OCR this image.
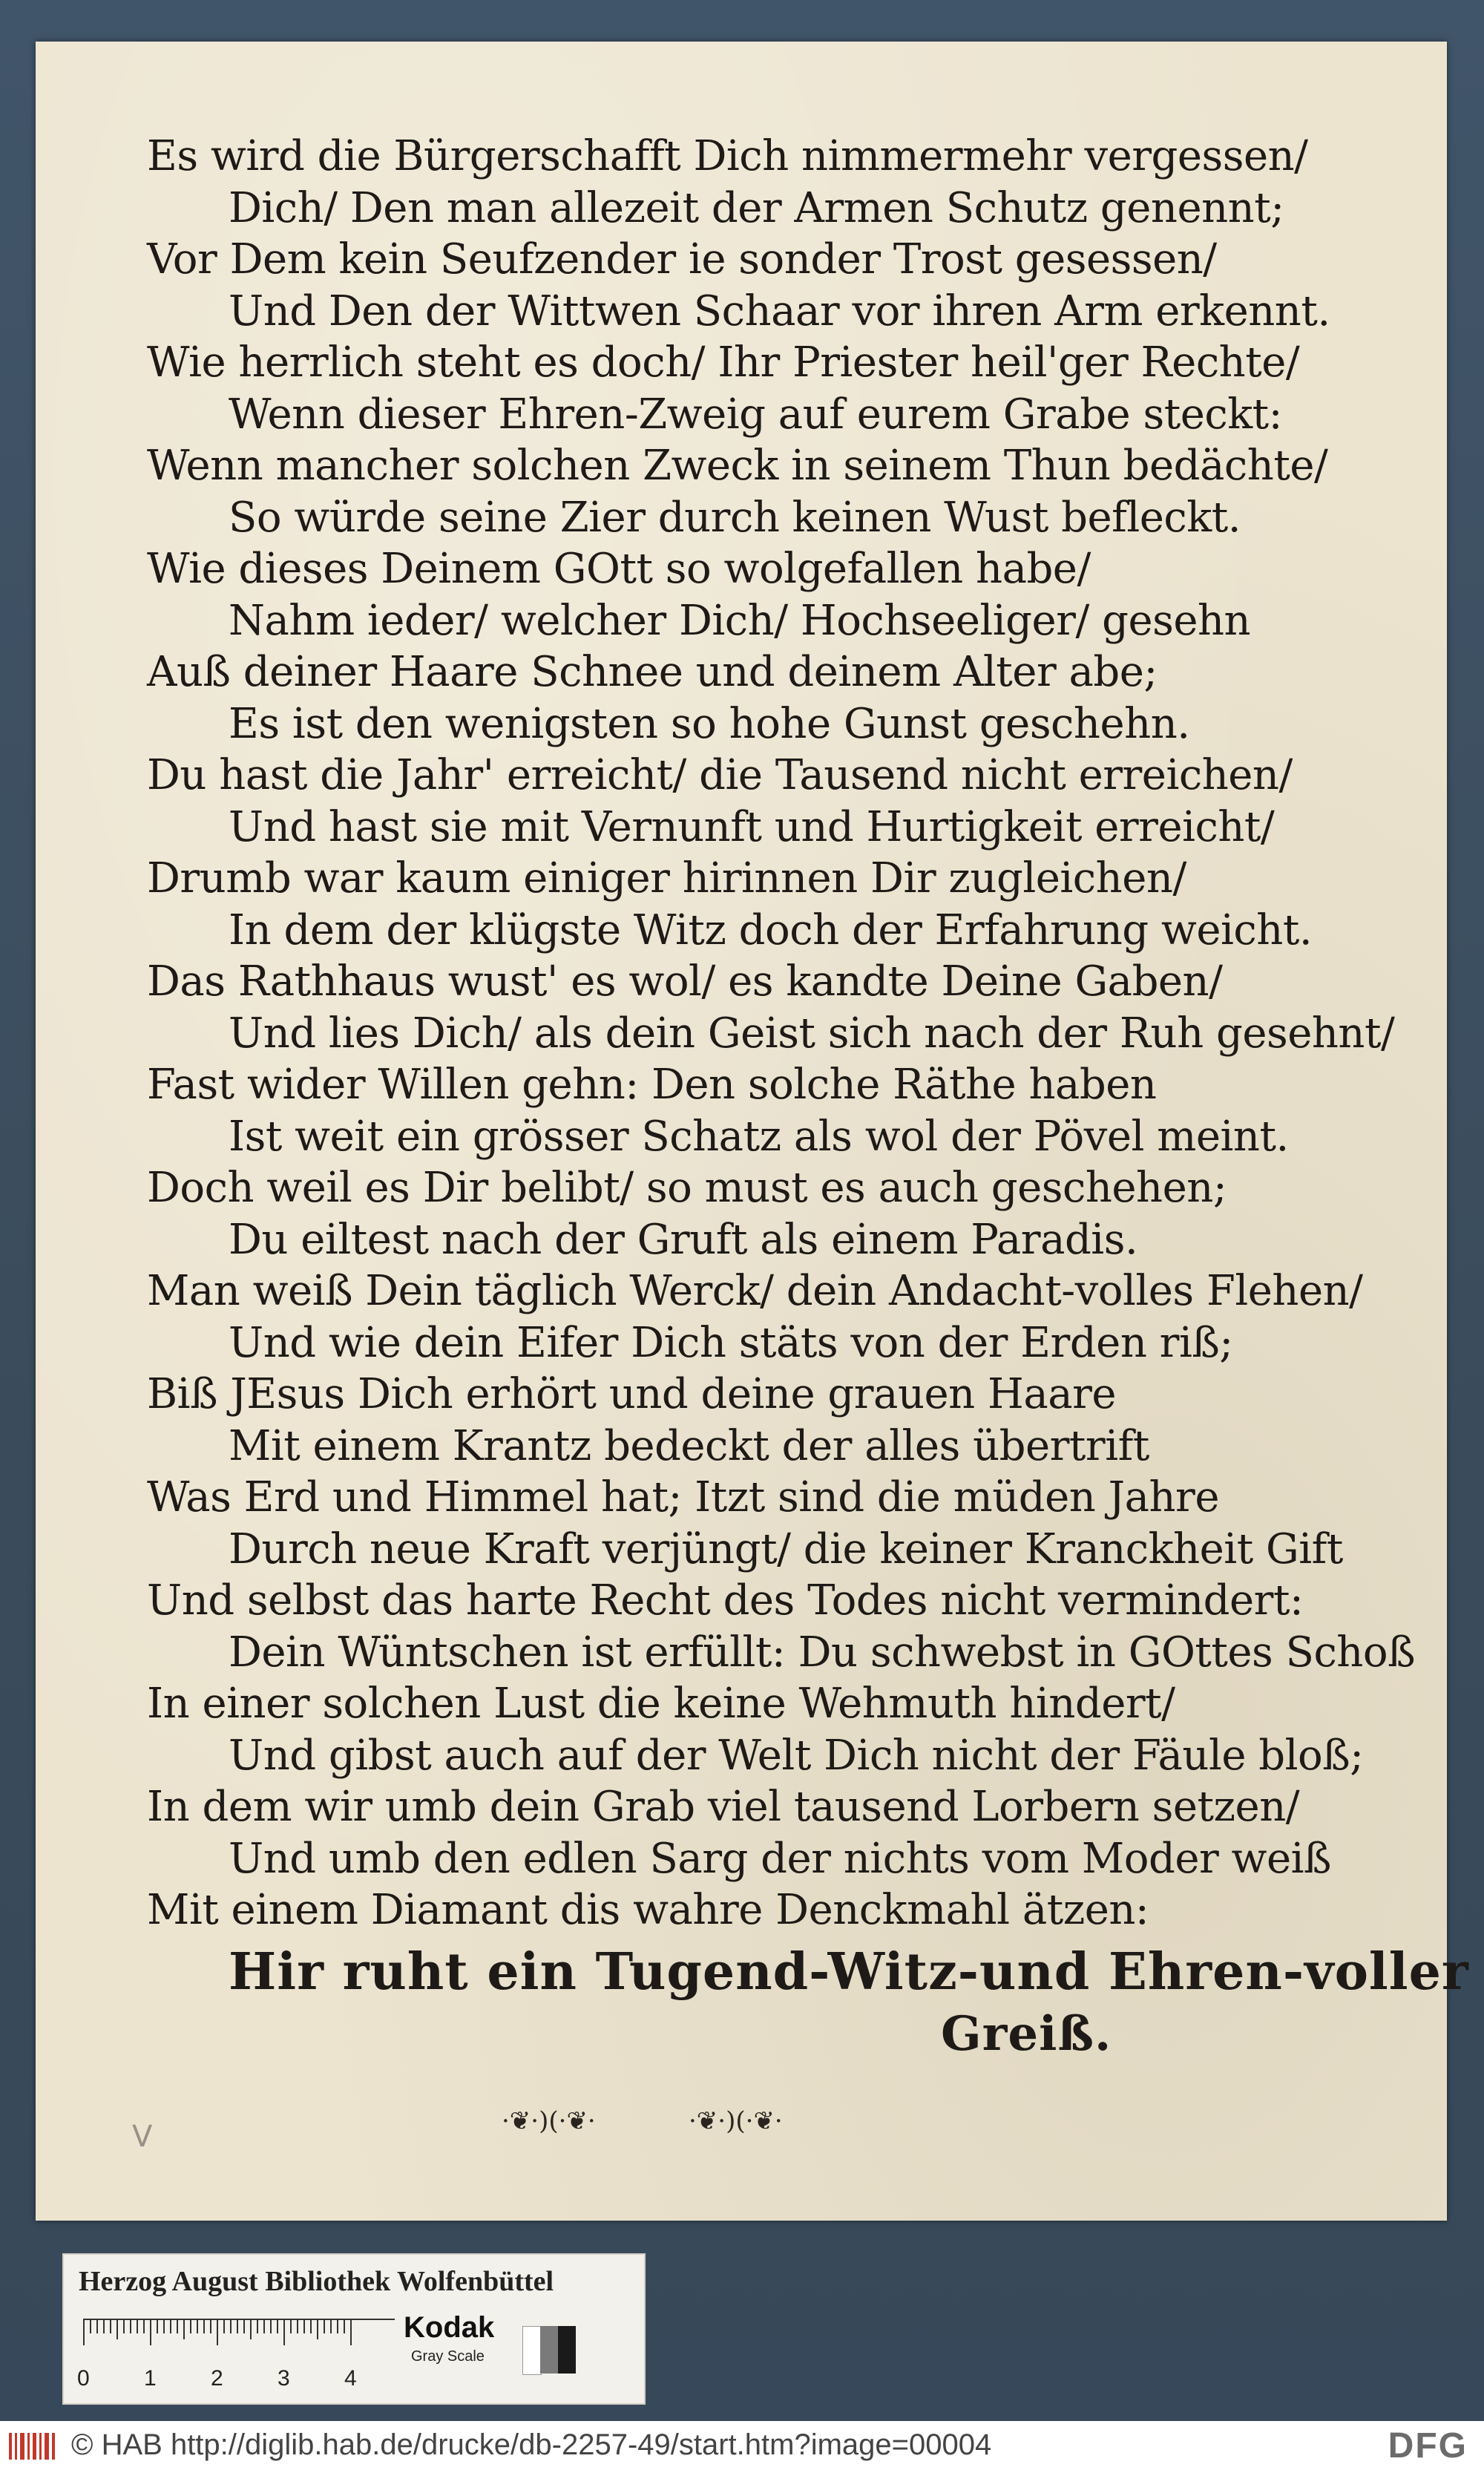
Es wird die Bürgerschafft Dich nimmermehr vergessen/
Dich/ Den man allezeit der Armen Schutz genennt;
Vor Dem kein Seufzender ie sonder Trost gesessen/
Und Den der Wittwen Schaar vor ihren Arm erkennt.
Wie herrlich steht es doch/ Ihr Priester heil'ger Rechte/
Wenn dieser Ehren-Zweig auf eurem Grabe steckt:
Wenn mancher solchen Zweck in seinem Thun bedächte/
So würde seine Zier durch keinen Wust befleckt.
Wie dieses Deinem GOtt so wolgefallen habe/
Nahm ieder/ welcher Dich/ Hochseeliger/ gesehn
Auß deiner Haare Schnee und deinem Alter abe;
Es ist den wenigsten so hohe Gunst geschehn.
Du hast die Jahr' erreicht/ die Tausend nicht erreichen/
Und hast sie mit Vernunft und Hurtigkeit erreicht/
Drumb war kaum einiger hirinnen Dir zugleichen/
In dem der klügste Witz doch der Erfahrung weicht.
Das Rathhaus wust' es wol/ es kandte Deine Gaben/
Und lies Dich/ als dein Geist sich nach der Ruh gesehnt/
Fast wider Willen gehn: Den solche Räthe haben
Ist weit ein grösser Schatz als wol der Pövel meint.
Doch weil es Dir belibt/ so must es auch geschehen;
Du eiltest nach der Gruft als einem Paradis.
Man weiß Dein täglich Werck/ dein Andacht-volles Flehen/
Und wie dein Eifer Dich stäts von der Erden riß;
Biß JEsus Dich erhört und deine grauen Haare
Mit einem Krantz bedeckt der alles übertrift
Was Erd und Himmel hat; Itzt sind die müden Jahre
Durch neue Kraft verjüngt/ die keiner Kranckheit Gift
Und selbst das harte Recht des Todes nicht vermindert:
Dein Wüntschen ist erfüllt: Du schwebst in GOttes Schoß
In einer solchen Lust die keine Wehmuth hindert/
Und gibst auch auf der Welt Dich nicht der Fäule bloß;
In dem wir umb dein Grab viel tausend Lorbern setzen/
Und umb den edlen Sarg der nichts vom Moder weiß
Mit einem Diamant dis wahre Denckmahl ätzen:
Hir ruht ein Tugend-Witz-und Ehren-voller
Greiß.
V	·❦·)(·❦·	·❦·)(·❦·
Herzog August Bibliothek Wolfenbüttel
0 1 2 3 4
Kodak
Gray Scale
© HAB http://diglib.hab.de/drucke/db-2257-49/start.htm?image=00004	DFG
